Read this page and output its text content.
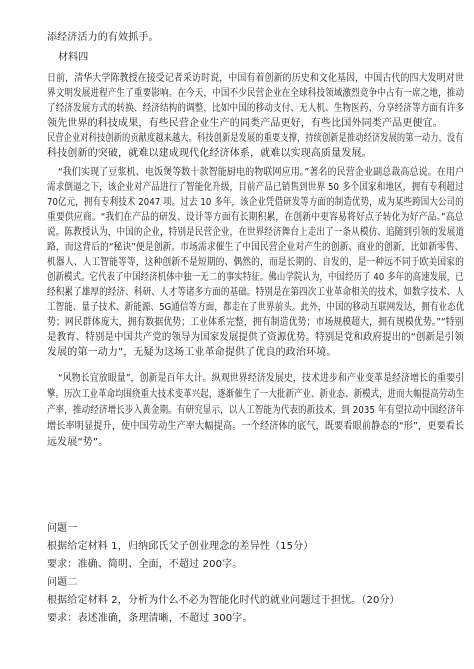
添经济活力的有效抓手。
材料四
日前，清华大学陈教授在接受记者采访时说，中国有着创新的历史和文化基因，中国古代的四大发明对世
界文明发展进程产生了重要影响。在今天，中国不少民营企业在全球科技领域激烈竞争中占有一席之地，推动
了经济发展方式的转换、经济结构的调整，比如中国的移动支付、无人机、生物医药、分享经济等方面有许多
领先世界的科技成果，有些民营企业生产的同类产品更好，有些比国外同类产品更便宜。
民营企业对科技创新的贡献度越来越大。科技创新是发展的重要支撑，持续创新是推动经济发展的第一动力，没有
科技创新的突破，就难以建成现代化经济体系，就难以实现高质量发展。
“我们实现了豆浆机、电饭煲等数十款智能厨电的物联网应用。”著名的民营企业副总裁高总说。在用户
需求倒逼之下，该企业对产品进行了智能化升级，目前产品已销售到世界 50 多个国家和地区，拥有专利超过
70亿元，拥有专利技术 2047 项。过去 10 多年，该企业凭借研发等方面的制造优势，成为某些跨国大公司的
重要供应商。“我们在产品的研发、设计等方面有长期积累，在创新中更容易将好点子转化为好产品。”高总
说。陈教授认为，中国的企业，特别是民营企业，在世界经济舞台上走出了一条从模仿、追随到引领的发展道
路，而这背后的“秘诀”便是创新。市场需求催生了中国民营企业对产生的创新、商业的创新，比如新零售、
机器人、人工智能等等，这种创新不是短期的、偶然的，而是长期的、自发的，是一种远不同于欧美国家的
创新模式。它代表了中国经济机体中独一无二的事实特征。佛山学院认为，中国经历了 40 多年的高速发展，已
经积累了雄厚的经济、科研、人才等诸多方面的基础。特别是在第四次工业革命相关的技术，如数字技术、人
工智能、量子技术、新能源、5G通信等方面，都走在了世界前头。此外，中国的移动互联网发达，拥有业态优
势；网民群体庞大，拥有数据优势；工业体系完整，拥有制造优势；市场规模超大，拥有规模优势。”“特别
是教育、特别是中国共产党的领导为国家发展提供了资源优势。特别是党和政府提出的“创新是引领
发展的第一动力”，无疑为这场工业革命提供了优良的政治环境。
“风物长宜放眼量”，创新是百年大计。纵观世界经济发展史，技术进步和产业变革是经济增长的重要引
擎。历次工业革命均围绕重大技术变革兴起，逐渐催生了一大批新产业、新业态、新模式，进而大幅提高劳动生
产率，推动经济增长步入黄金期。有研究显示，以人工智能为代表的新技术，到 2035 年有望拉动中国经济年
增长率明显提升，使中国劳动生产率大幅提高。一个经济体的底气，既要看眼前静态的“形”，更要看长
远发展“势”。
问题一
根据给定材料 1，归纳邱氏父子创业理念的差异性（15分）
要求：准确、简明、全面，不超过 200字。
问题二
根据给定材料 2，分析为什么不必为智能化时代的就业问题过于担忧。（20分）
要求：表述准确，条理清晰，不超过 300字。
